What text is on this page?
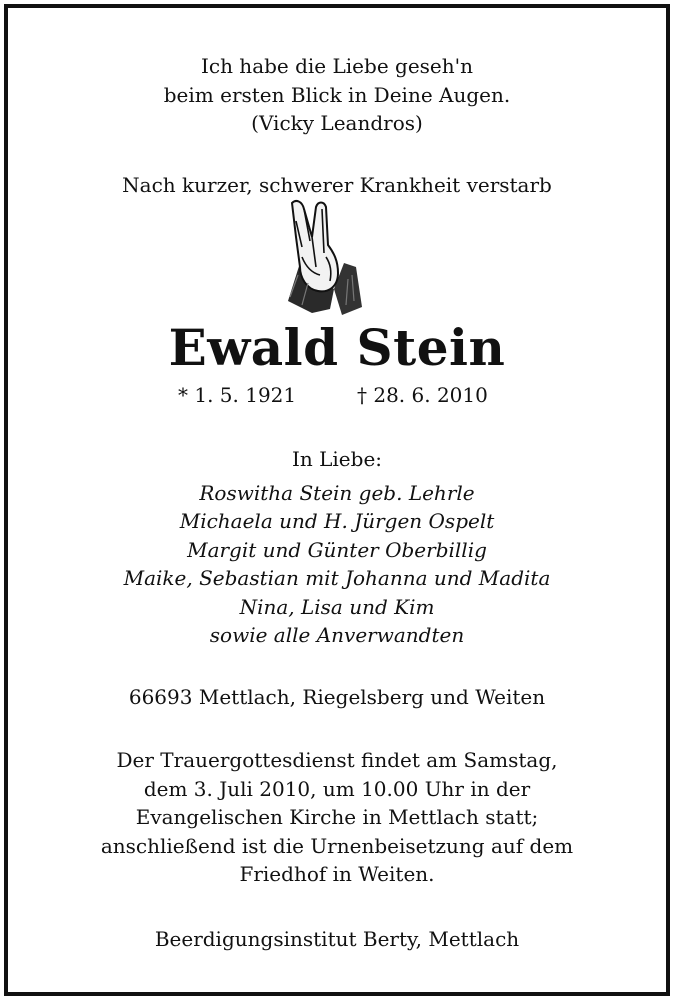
Ich habe die Liebe geseh'n
beim ersten Blick in Deine Augen.
(Vicky Leandros)
Nach kurzer, schwerer Krankheit verstarb
Ewald Stein
* 1. 5. 1921	† 28. 6. 2010
In Liebe:
Roswitha Stein geb. Lehrle
Michaela und H. Jürgen Ospelt
Margit und Günter Oberbillig
Maike, Sebastian mit Johanna und Madita
Nina, Lisa und Kim
sowie alle Anverwandten
66693 Mettlach, Riegelsberg und Weiten
Der Trauergottesdienst findet am Samstag,
dem 3. Juli 2010, um 10.00 Uhr in der
Evangelischen Kirche in Mettlach statt;
anschließend ist die Urnenbeisetzung auf dem
Friedhof in Weiten.
Beerdigungsinstitut Berty, Mettlach
